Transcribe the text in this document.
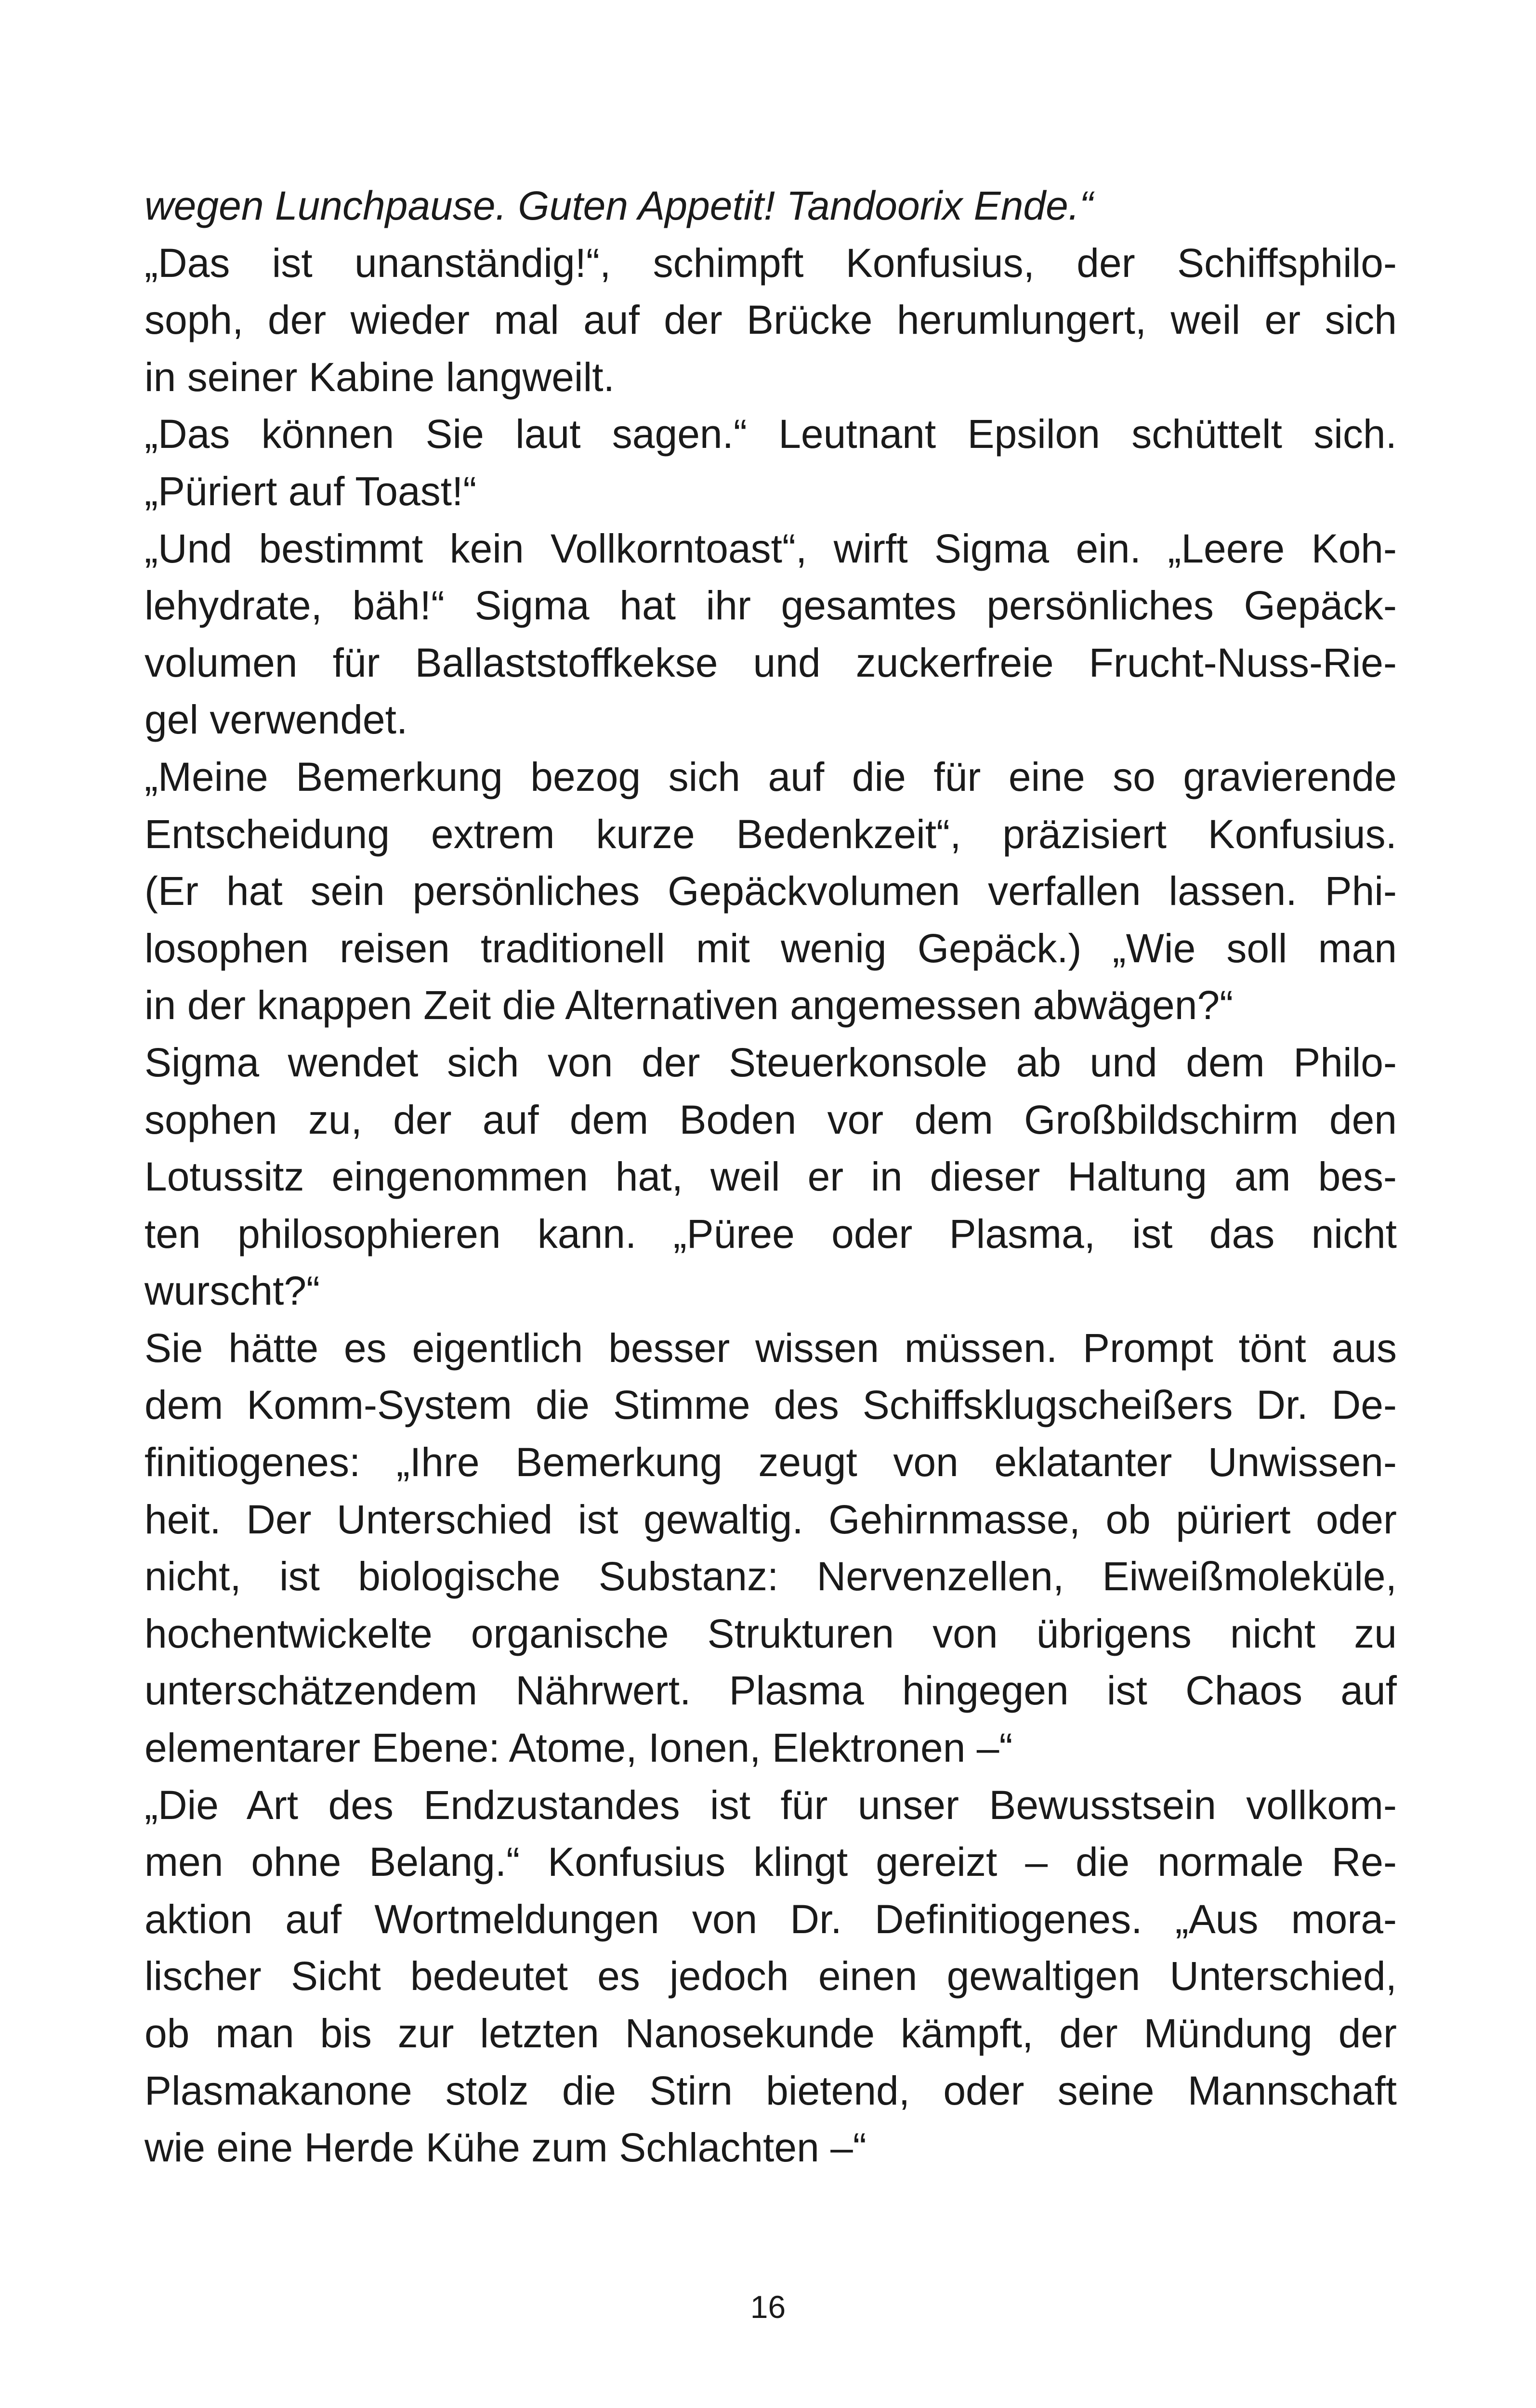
wegen Lunchpause. Guten Appetit! Tandoorix Ende.“
„Das ist unanständig!“, schimpft Konfusius, der Schiffsphilo-
soph, der wieder mal auf der Brücke herumlungert, weil er sich
in seiner Kabine langweilt.
„Das können Sie laut sagen.“ Leutnant Epsilon schüttelt sich.
„Püriert auf Toast!“
„Und bestimmt kein Vollkorntoast“, wirft Sigma ein. „Leere Koh-
lehydrate, bäh!“ Sigma hat ihr gesamtes persönliches Gepäck-
volumen für Ballaststoffkekse und zuckerfreie Frucht-Nuss-Rie-
gel verwendet.
„Meine Bemerkung bezog sich auf die für eine so gravierende
Entscheidung extrem kurze Bedenkzeit“, präzisiert Konfusius.
(Er hat sein persönliches Gepäckvolumen verfallen lassen. Phi-
losophen reisen traditionell mit wenig Gepäck.) „Wie soll man
in der knappen Zeit die Alternativen angemessen abwägen?“
Sigma wendet sich von der Steuerkonsole ab und dem Philo-
sophen zu, der auf dem Boden vor dem Großbildschirm den
Lotussitz eingenommen hat, weil er in dieser Haltung am bes-
ten philosophieren kann. „Püree oder Plasma, ist das nicht
wurscht?“
Sie hätte es eigentlich besser wissen müssen. Prompt tönt aus
dem Komm-System die Stimme des Schiffsklugscheißers Dr. De-
finitiogenes: „Ihre Bemerkung zeugt von eklatanter Unwissen-
heit. Der Unterschied ist gewaltig. Gehirnmasse, ob püriert oder
nicht, ist biologische Substanz: Nervenzellen, Eiweißmoleküle,
hochentwickelte organische Strukturen von übrigens nicht zu
unterschätzendem Nährwert. Plasma hingegen ist Chaos auf
elementarer Ebene: Atome, Ionen, Elektronen –“
„Die Art des Endzustandes ist für unser Bewusstsein vollkom-
men ohne Belang.“ Konfusius klingt gereizt – die normale Re-
aktion auf Wortmeldungen von Dr. Definitiogenes. „Aus mora-
lischer Sicht bedeutet es jedoch einen gewaltigen Unterschied,
ob man bis zur letzten Nanosekunde kämpft, der Mündung der
Plasmakanone stolz die Stirn bietend, oder seine Mannschaft
wie eine Herde Kühe zum Schlachten –“
16
